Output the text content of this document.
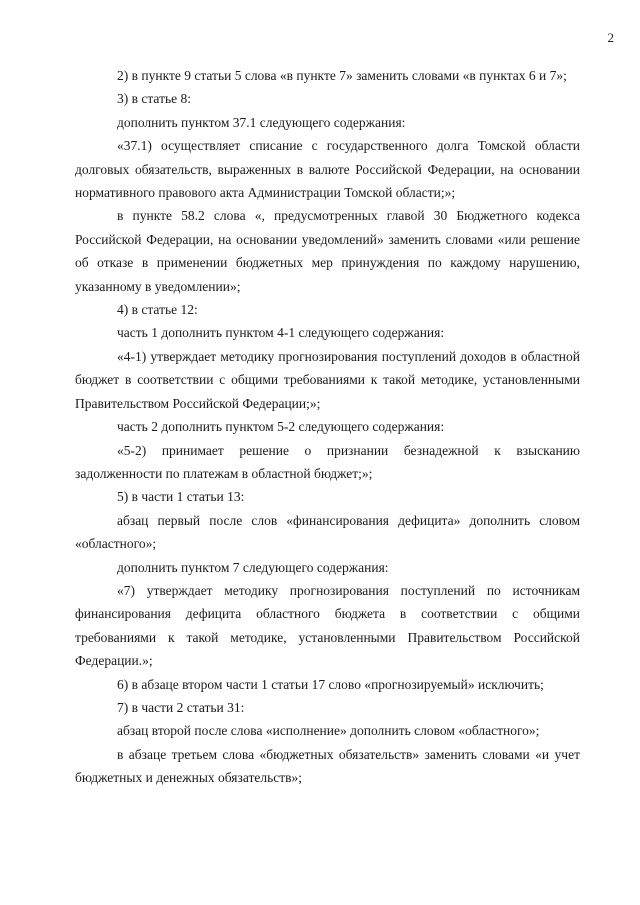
2

2) в пункте 9 статьи 5 слова «в пункте 7» заменить словами «в пунктах 6 и 7»;

3) в статье 8:

дополнить пунктом 37.1 следующего содержания:

«37.1) осуществляет списание с государственного долга Томской области долговых обязательств, выраженных в валюте Российской Федерации, на основании нормативного правового акта Администрации Томской области;»;

в пункте 58.2 слова «, предусмотренных главой 30 Бюджетного кодекса Российской Федерации, на основании уведомлений» заменить словами «или решение об отказе в применении бюджетных мер принуждения по каждому нарушению, указанному в уведомлении»;

4) в статье 12:

часть 1 дополнить пунктом 4-1 следующего содержания:

«4-1) утверждает методику прогнозирования поступлений доходов в областной бюджет в соответствии с общими требованиями к такой методике, установленными Правительством Российской Федерации;»;

часть 2 дополнить пунктом 5-2 следующего содержания:

«5-2) принимает решение о признании безнадежной к взысканию задолженности по платежам в областной бюджет;»;

5) в части 1 статьи 13:

абзац первый после слов «финансирования дефицита» дополнить словом «областного»;

дополнить пунктом 7 следующего содержания:

«7) утверждает методику прогнозирования поступлений по источникам финансирования дефицита областного бюджета в соответствии с общими требованиями к такой методике, установленными Правительством Российской Федерации.»;

6) в абзаце втором части 1 статьи 17 слово «прогнозируемый» исключить;

7) в части 2 статьи 31:

абзац второй после слова «исполнение» дополнить словом «областного»;

в абзаце третьем слова «бюджетных обязательств» заменить словами «и учет бюджетных и денежных обязательств»;
